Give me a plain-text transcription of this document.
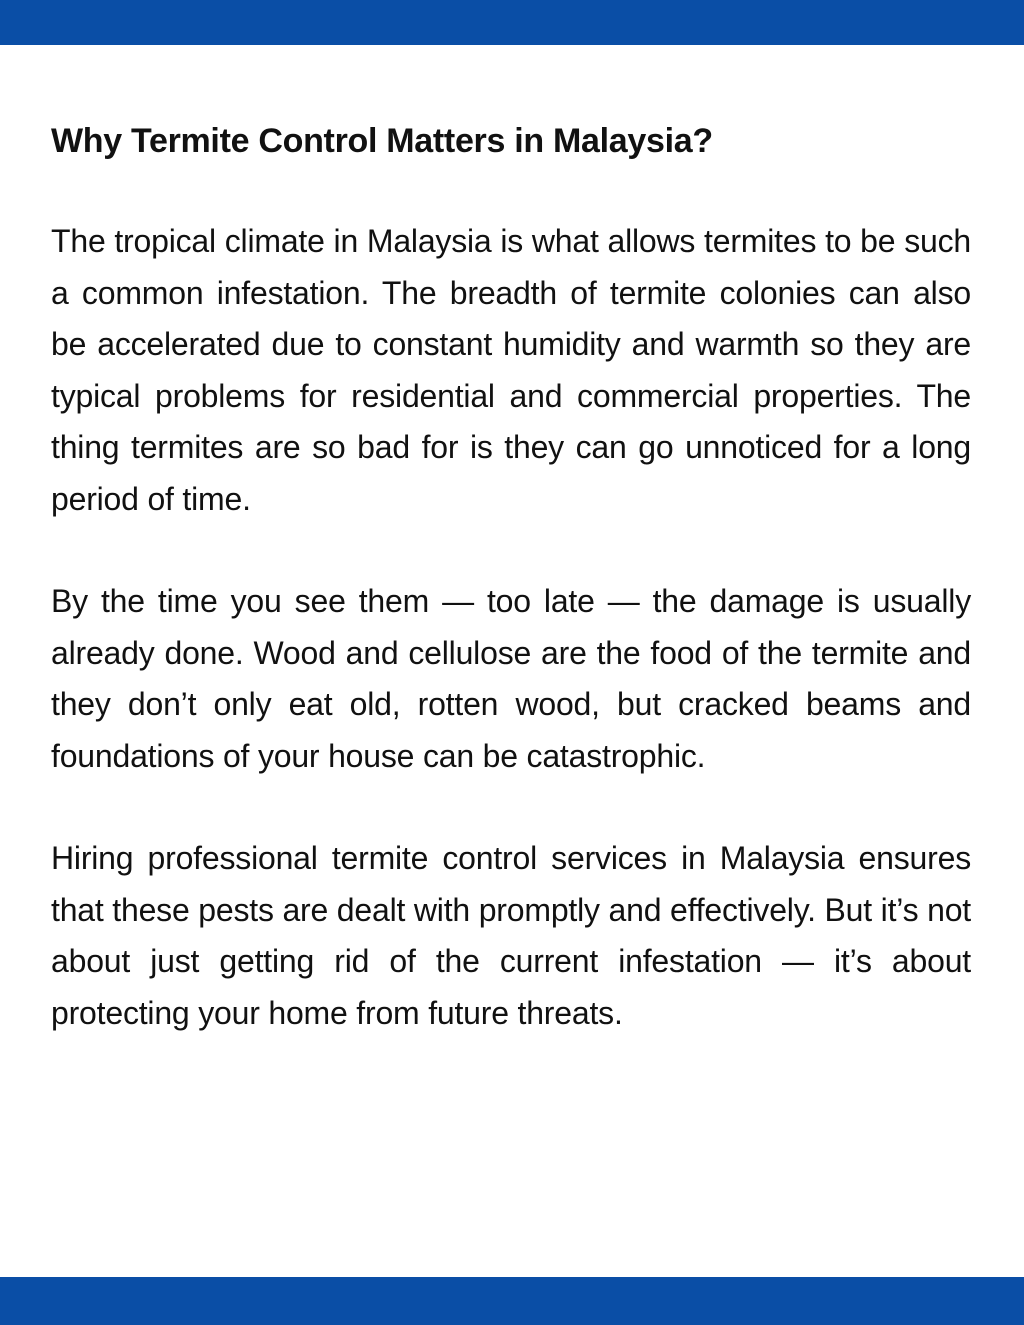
Why Termite Control Matters in Malaysia?

The tropical climate in Malaysia is what allows termites to be such a common infestation. The breadth of termite colonies can also be accelerated due to constant humidity and warmth so they are typical problems for residential and commercial properties. The thing termites are so bad for is they can go unnoticed for a long period of time.

By the time you see them — too late — the damage is usually already done. Wood and cellulose are the food of the termite and they don’t only eat old, rotten wood, but cracked beams and foundations of your house can be catastrophic.

Hiring professional termite control services in Malaysia ensures that these pests are dealt with promptly and effectively. But it’s not about just getting rid of the current infestation — it’s about protecting your home from future threats.
